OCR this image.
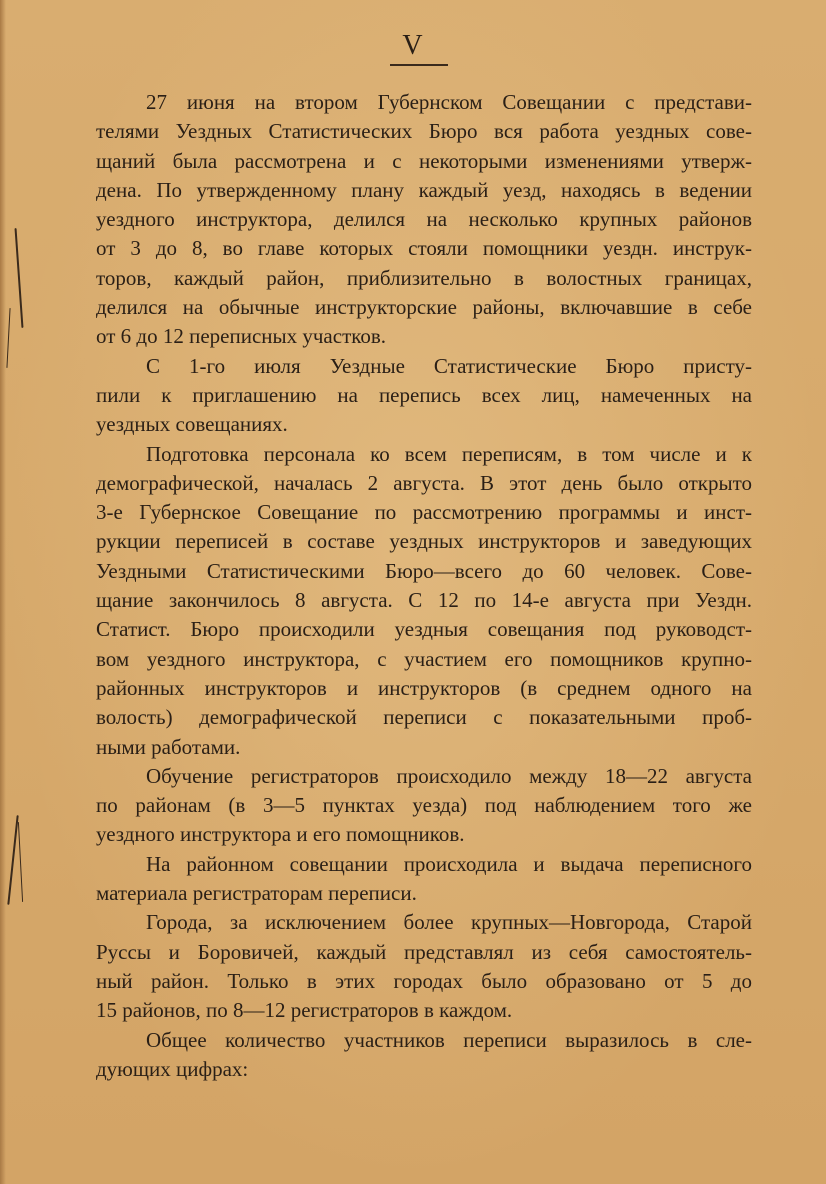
V
27 июня на втором Губернском Совещании с представи-
телями Уездных Статистических Бюро вся работа уездных сове-
щаний была рассмотрена и с некоторыми изменениями утверж-
дена. По утвержденному плану каждый уезд, находясь в ведении
уездного инструктора, делился на несколько крупных районов
от 3 до 8, во главе которых стояли помощники уездн. инструк-
торов, каждый район, приблизительно в волостных границах,
делился на обычные инструкторские районы, включавшие в себе
от 6 до 12 переписных участков.
С 1-го июля Уездные Статистические Бюро присту-
пили к приглашению на перепись всех лиц, намеченных на
уездных совещаниях.
Подготовка персонала ко всем переписям, в том числе и к
демографической, началась 2 августа. В этот день было открыто
3-е Губернское Совещание по рассмотрению программы и инст-
рукции переписей в составе уездных инструкторов и заведующих
Уездными Статистическими Бюро—всего до 60 человек. Сове-
щание закончилось 8 августа. С 12 по 14-е августа при Уездн.
Статист. Бюро происходили уездныя совещания под руководст-
вом уездного инструктора, с участием его помощников крупно-
районных инструкторов и инструкторов (в среднем одного на
волость) демографической переписи с показательными проб-
ными работами.
Обучение регистраторов происходило между 18—22 августа
по районам (в 3—5 пунктах уезда) под наблюдением того же
уездного инструктора и его помощников.
На районном совещании происходила и выдача переписного
материала регистраторам переписи.
Города, за исключением более крупных—Новгорода, Старой
Руссы и Боровичей, каждый представлял из себя самостоятель-
ный район. Только в этих городах было образовано от 5 до
15 районов, по 8—12 регистраторов в каждом.
Общее количество участников переписи выразилось в сле-
дующих цифрах:
